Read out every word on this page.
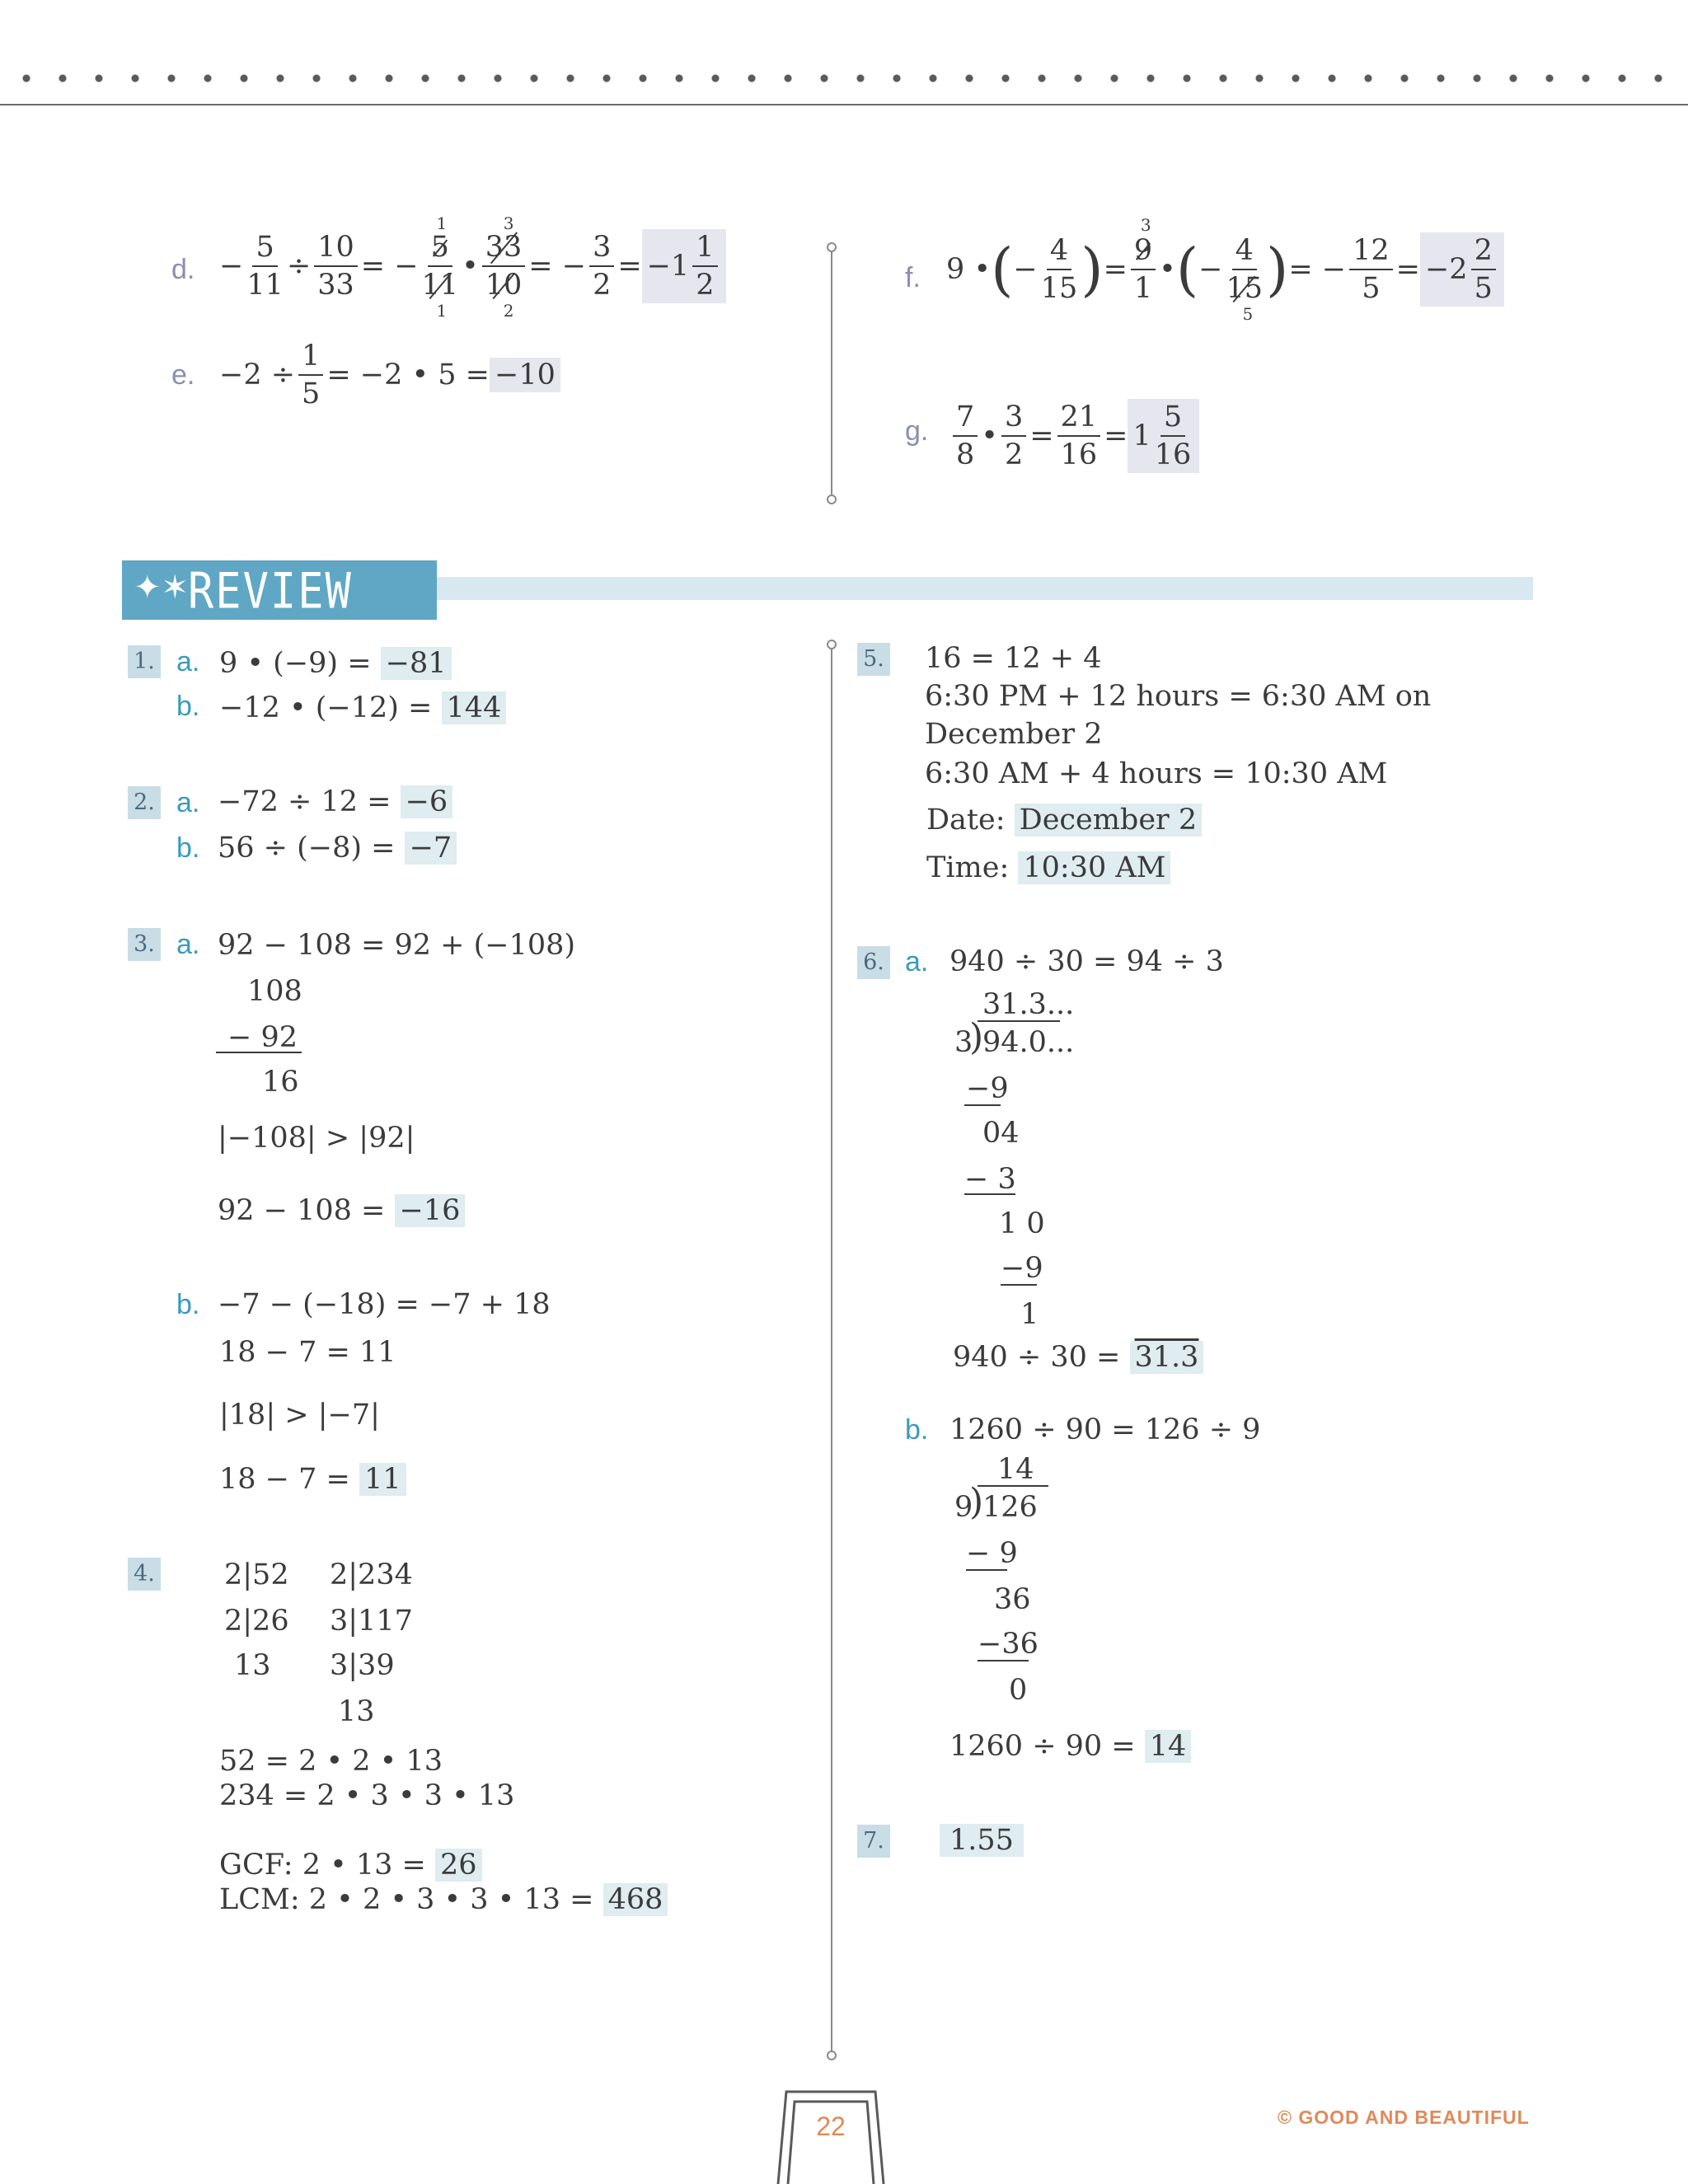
d. − $\frac{5}{11} \div \frac{10}{33}$ = −
1
5
11
1
•
3
33
10
2
= − $\frac{3}{2} = -1 \frac{1}{2}$
e. $-2 \div \frac{1}{5} = -2$ • 5 = −10
f. 9 • ( − $\frac{4}{15}$ ) =
3
9
1
• ( −
4
15
5
) = − $\frac{12}{5} = -2 \frac{2}{5}$
g. $\frac{7}{8}$ • $\frac{3}{2} = \frac{21}{16} = 1 \frac{5}{16}$
✦✶
REVIEW
1. a. 9 • (−9) = −81
b. −12 • (−12) = 144
2. a. −72 ÷ 12 = −6
b. 56 ÷ (−8) = −7
3. a. 92 − 108 = 92 + (−108)
108
− 92
16
|−108| > |92|
92 − 108 = −16
b. −7 − (−18) = −7 + 18
18 − 7 = 11
|18| > |−7|
18 − 7 = 11
4. 2|52
2|26
13
2|234
3|117
3|39
13
52 = 2 • 2 • 13
234 = 2 • 3 • 3 • 13
GCF: 2 • 13 = 26
LCM: 2 • 2 • 3 • 3 • 13 = 468
5. 16 = 12 + 4
6:30 PM + 12 hours = 6:30 AM on
December 2
6:30 AM + 4 hours = 10:30 AM
Date: December 2
Time: 10:30 AM
6. a. 940 ÷ 30 = 94 ÷ 3
31.3...
3
)
94.0...
−9
04
− 3
1 0
−9
1
940 ÷ 30 = 31.3
b. 1260 ÷ 90 = 126 ÷ 9
14
9
)
126
− 9
36
−36
0
1260 ÷ 90 = 14
7.	1.55
22	© GOOD AND BEAUTIFUL
